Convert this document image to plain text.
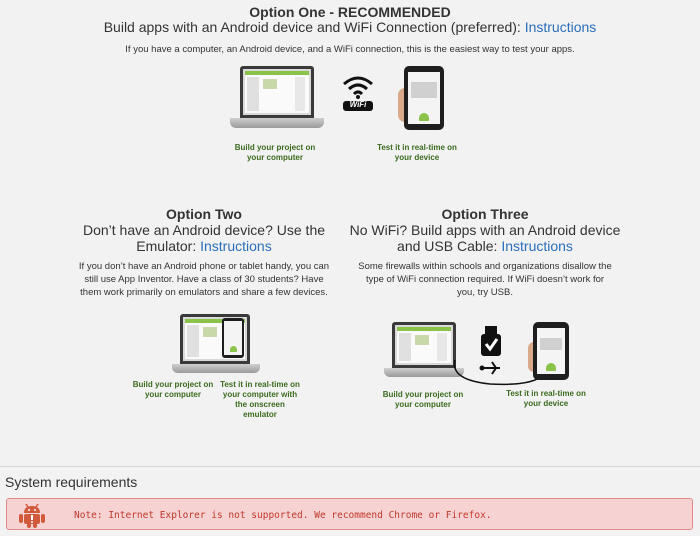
Option One - RECOMMENDED
Build apps with an Android device and WiFi Connection (preferred): Instructions
If you have a computer, an Android device, and a WiFi connection, this is the easiest way to test your apps.
WiFi
Build your project on
your computer
Test it in real-time on
your device
Option Two
Don’t have an Android device? Use the
Emulator: Instructions
If you don’t have an Android phone or tablet handy, you can
still use App Inventor. Have a class of 30 students? Have
them work primarily on emulators and share a few devices.
Build your project on
your computer
Test it in real-time on
your computer with
the onscreen
emulator
Option Three
No WiFi? Build apps with an Android device
and USB Cable: Instructions
Some firewalls within schools and organizations disallow the
type of WiFi connection required. If WiFi doesn’t work for
you, try USB.
Build your project on
your computer
Test it in real-time on
your device
System requirements
Note: Internet Explorer is not supported. We recommend Chrome or Firefox.
